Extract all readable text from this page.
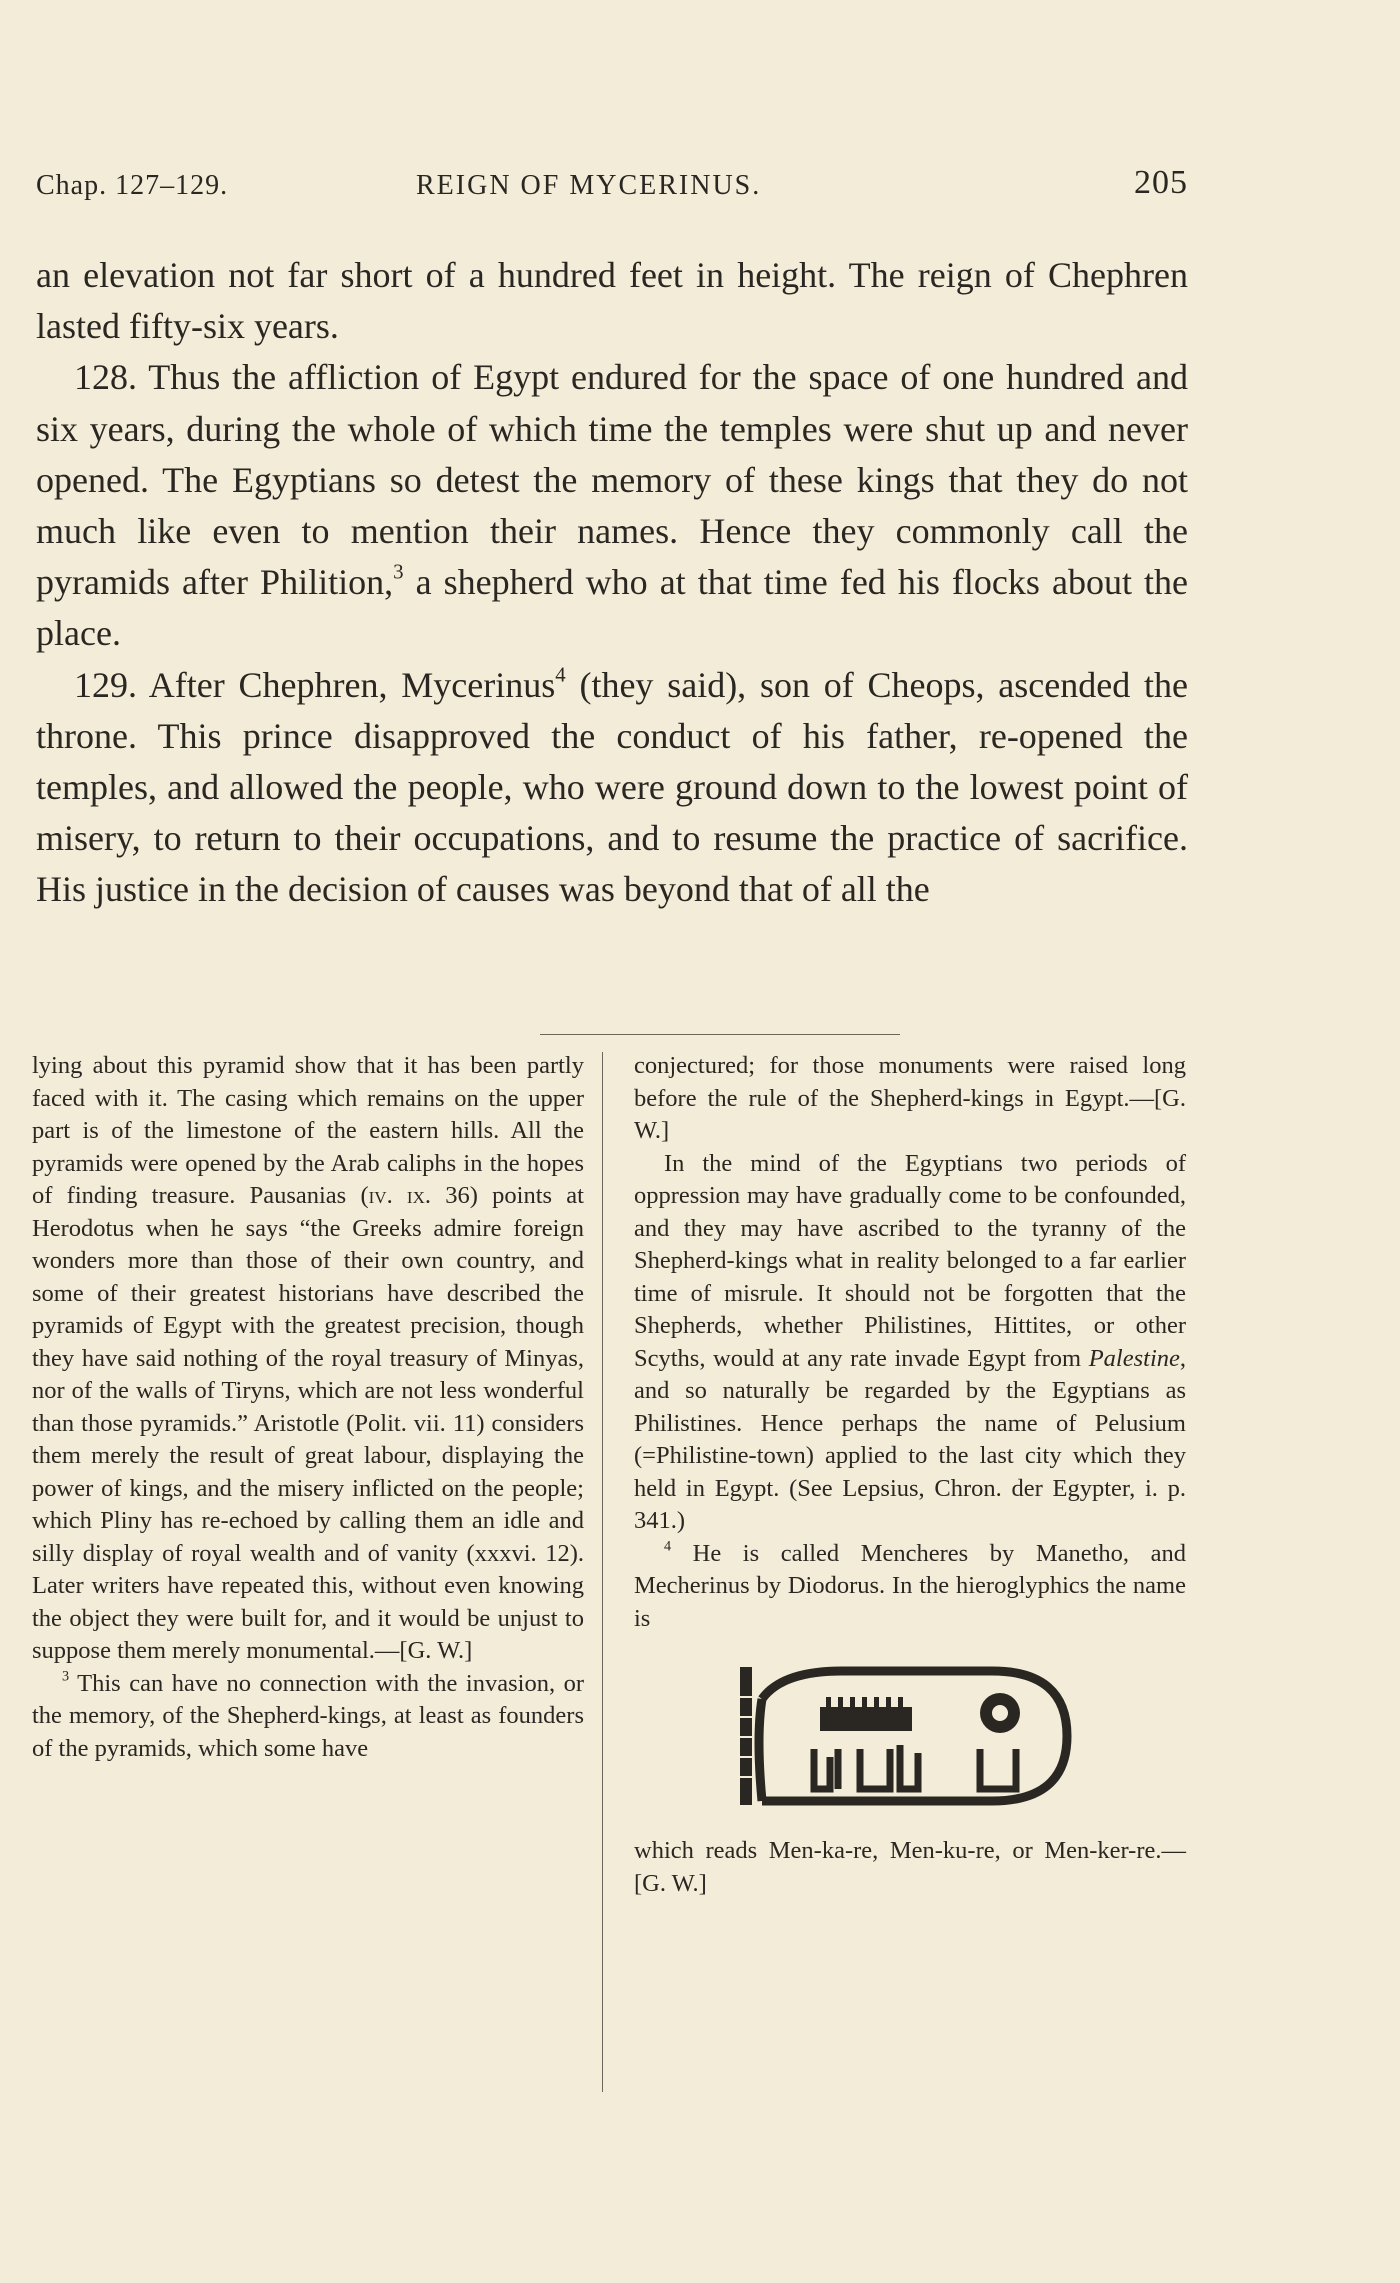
Chap. 127–129.	REIGN OF MYCERINUS.	205

an elevation not far short of a hundred feet in height. The reign of Chephren lasted fifty-six years.

128. Thus the affliction of Egypt endured for the space of one hundred and six years, during the whole of which time the temples were shut up and never opened. The Egyptians so detest the memory of these kings that they do not much like even to mention their names. Hence they commonly call the pyramids after Philition,$^3$ a shepherd who at that time fed his flocks about the place.

129. After Chephren, Mycerinus$^4$ (they said), son of Cheops, ascended the throne. This prince disapproved the conduct of his father, re-opened the temples, and allowed the people, who were ground down to the lowest point of misery, to return to their occupations, and to resume the practice of sacrifice. His justice in the decision of causes was beyond that of all the

lying about this pyramid show that it has been partly faced with it. The casing which remains on the upper part is of the limestone of the eastern hills. All the pyramids were opened by the Arab caliphs in the hopes of finding treasure. Pausanias (iv. ix. 36) points at Herodotus when he says “the Greeks admire foreign wonders more than those of their own country, and some of their greatest historians have described the pyramids of Egypt with the greatest precision, though they have said nothing of the royal treasury of Minyas, nor of the walls of Tiryns, which are not less wonderful than those pyramids.” Aristotle (Polit. vii. 11) considers them merely the result of great labour, displaying the power of kings, and the misery inflicted on the people; which Pliny has re-echoed by calling them an idle and silly display of royal wealth and of vanity (xxxvi. 12). Later writers have repeated this, without even knowing the object they were built for, and it would be unjust to suppose them merely monumental.—[G. W.]

$^3$ This can have no connection with the invasion, or the memory, of the Shepherd-kings, at least as founders of the pyramids, which some have

conjectured; for those monuments were raised long before the rule of the Shepherd-kings in Egypt.—[G. W.]

In the mind of the Egyptians two periods of oppression may have gradually come to be confounded, and they may have ascribed to the tyranny of the Shepherd-kings what in reality belonged to a far earlier time of misrule. It should not be forgotten that the Shepherds, whether Philistines, Hittites, or other Scyths, would at any rate invade Egypt from Palestine, and so naturally be regarded by the Egyptians as Philistines. Hence perhaps the name of Pelusium (=Philistine-town) applied to the last city which they held in Egypt. (See Lepsius, Chron. der Egypter, i. p. 341.)

$^4$ He is called Mencheres by Manetho, and Mecherinus by Diodorus. In the hieroglyphics the name is

which reads Men-ka-re, Men-ku-re, or Men-ker-re.—[G. W.]
